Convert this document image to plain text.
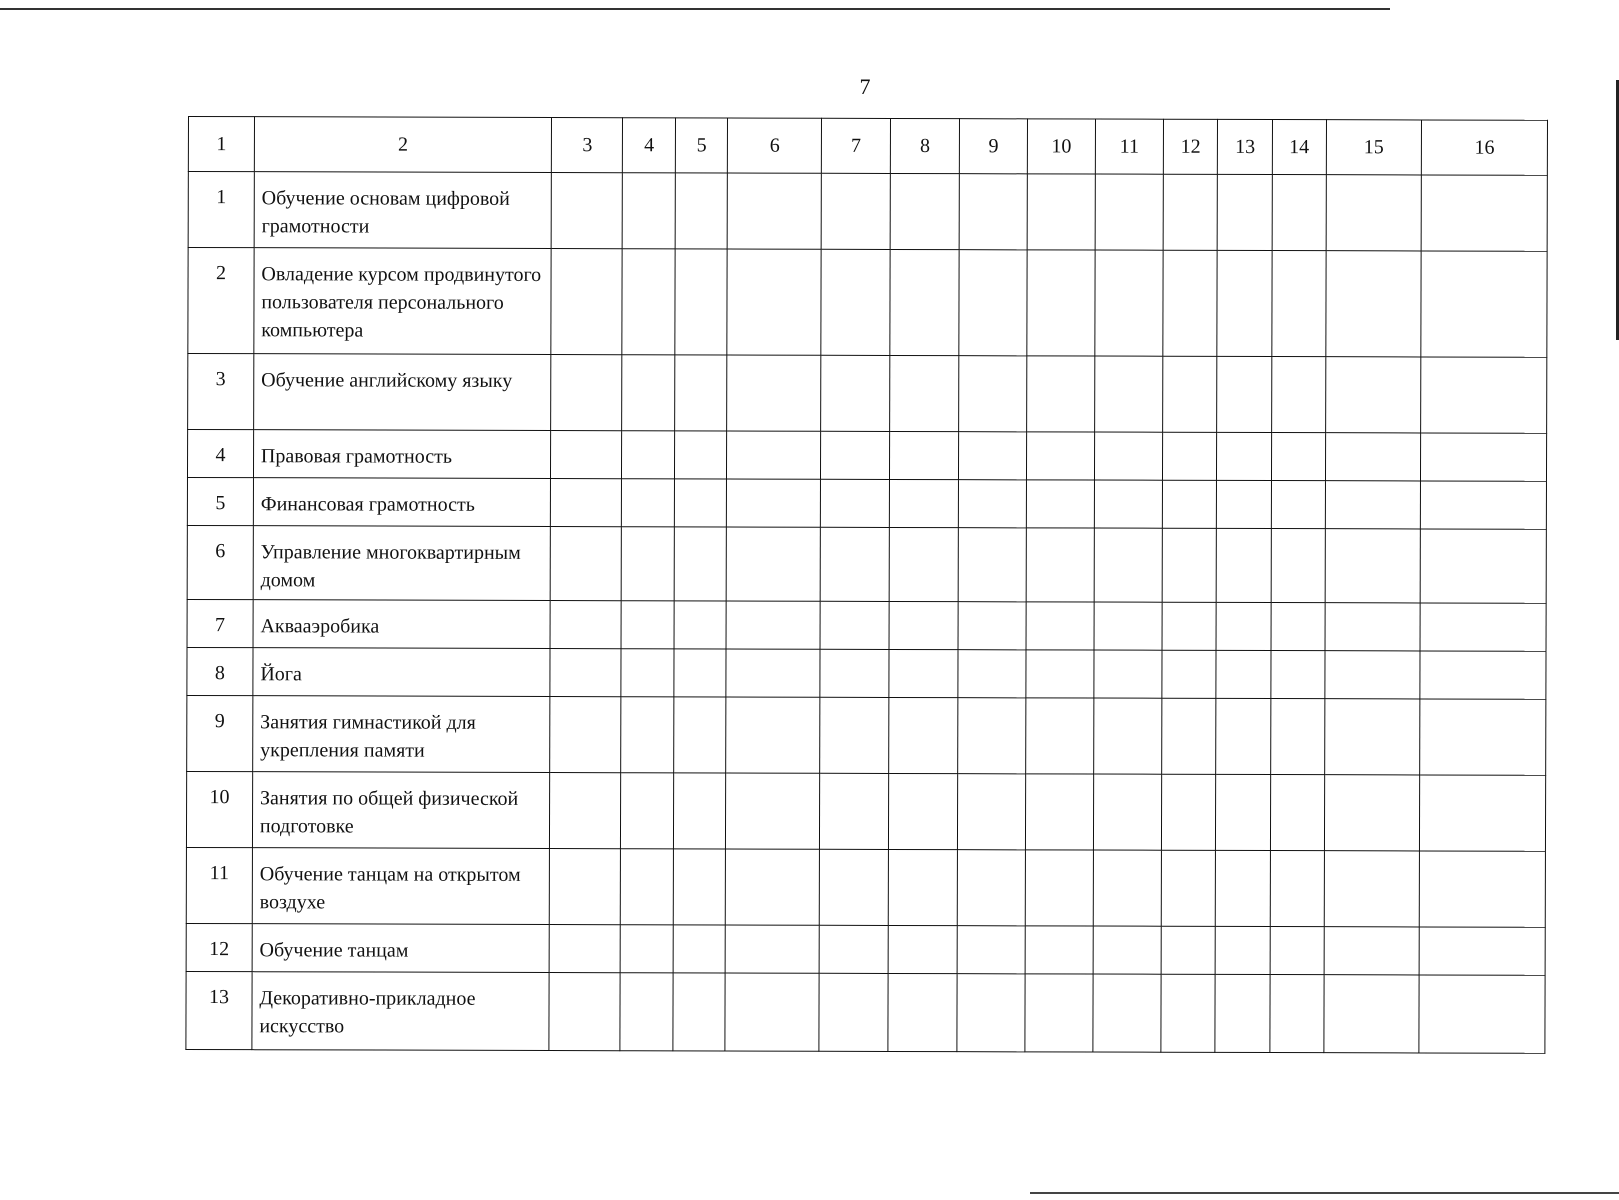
7
1	2	3	4	5	6	7	8	9	10	11	12	13	14	15	16
1	Обучение основам цифровой грамотности														
2	Овладение курсом продвинутого пользователя персонального компьютера														
3	Обучение английскому языку														
4	Правовая грамотность														
5	Финансовая грамотность														
6	Управление многоквартирным домом														
7	Аквааэробика														
8	Йога														
9	Занятия гимнастикой для укрепления памяти														
10	Занятия по общей физической подготовке														
11	Обучение танцам на открытом воздухе														
12	Обучение танцам														
13	Декоративно-прикладное искусство														
